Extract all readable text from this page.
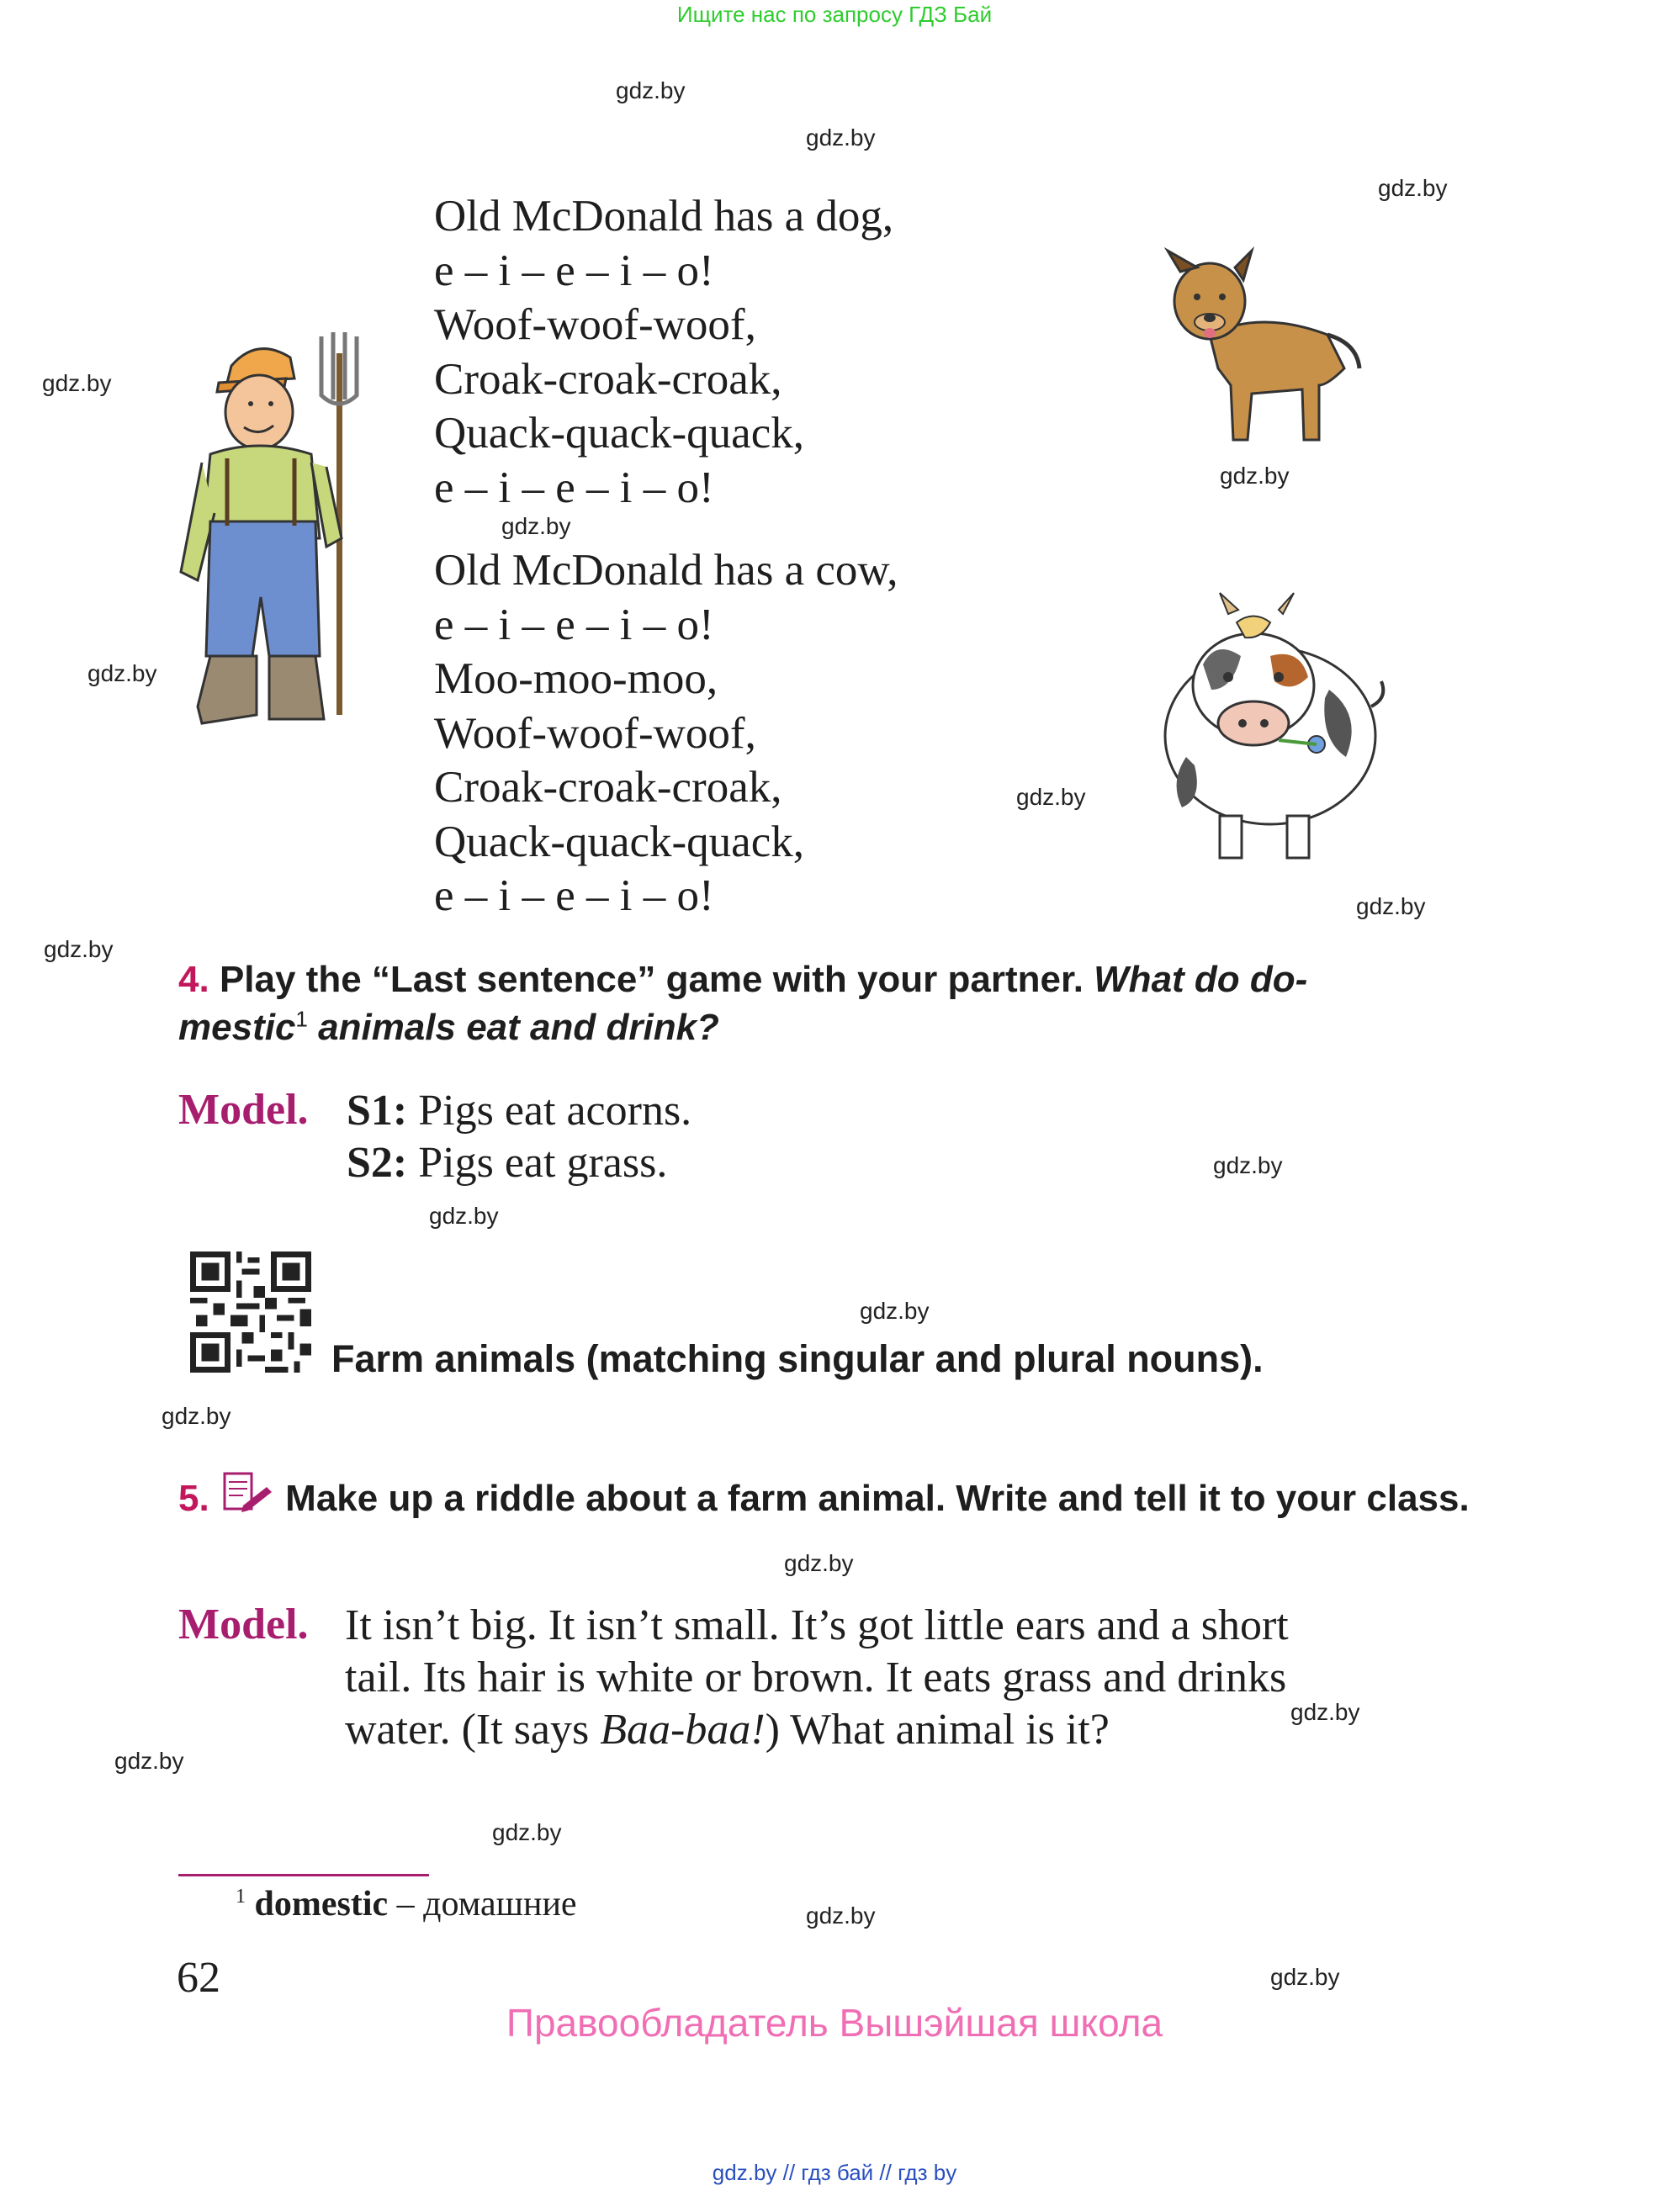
Ищите нас по запросу ГДЗ Бай
gdz.by
gdz.by
gdz.by
gdz.by
gdz.by
gdz.by
gdz.by
gdz.by
gdz.by
gdz.by
gdz.by
gdz.by
gdz.by
gdz.by
gdz.by
gdz.by
gdz.by
gdz.by
gdz.by
gdz.by
Old McDonald has a dog,
e – i – e – i – o!
Woof-woof-woof,
Croak-croak-croak,
Quack-quack-quack,
e – i – e – i – o!
Old McDonald has a cow,
e – i – e – i – o!
Moo-moo-moo,
Woof-woof-woof,
Croak-croak-croak,
Quack-quack-quack,
e – i – e – i – o!
4. Play the “Last sentence” game with your partner. What do do-
mestic$^1$ animals eat and drink?
Model. S1: Pigs eat acorns.
S2: Pigs eat grass.
Farm animals (matching singular and plural nouns).
5. Make up a riddle about a farm animal. Write and tell it to your class.
Model. It isn’t big. It isn’t small. It’s got little ears and a short
tail. Its hair is white or brown. It eats grass and drinks
water. (It says Baa-baa!) What animal is it?
$^1$ domestic – домашние
62
Правообладатель Вышэйшая школа
gdz.by // гдз бай // гдз by
